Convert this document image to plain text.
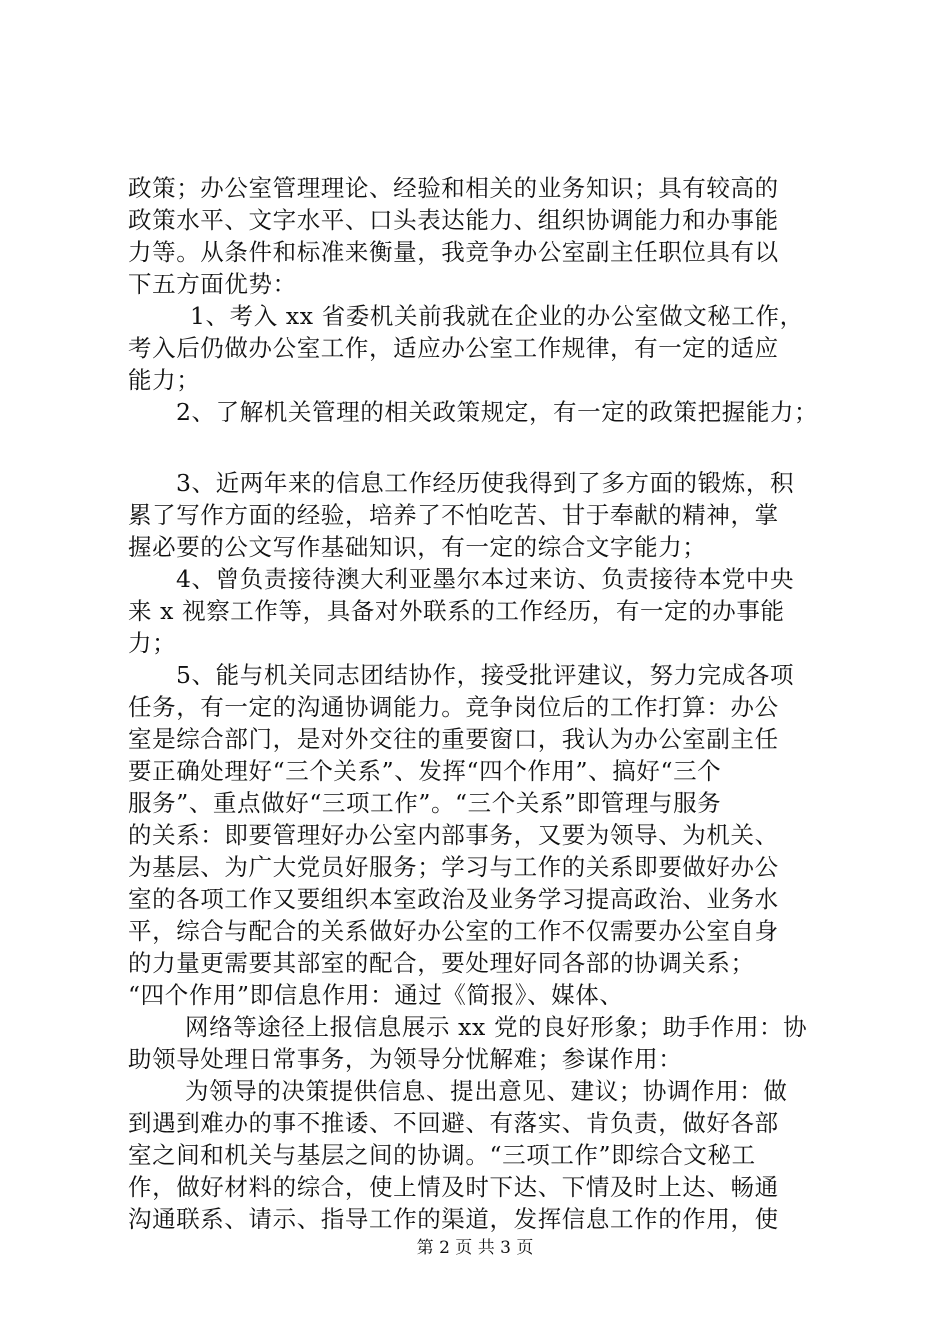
政策；办公室管理理论、经验和相关的业务知识；具有较高的
政策水平、文字水平、口头表达能力、组织协调能力和办事能
力等。从条件和标准来衡量，我竞争办公室副主任职位具有以
下五方面优势：
1、考入 xx 省委机关前我就在企业的办公室做文秘工作，
考入后仍做办公室工作，适应办公室工作规律，有一定的适应
能力；
2、了解机关管理的相关政策规定，有一定的政策把握能力；
3、近两年来的信息工作经历使我得到了多方面的锻炼，积
累了写作方面的经验，培养了不怕吃苦、甘于奉献的精神，掌
握必要的公文写作基础知识，有一定的综合文字能力；
4、曾负责接待澳大利亚墨尔本过来访、负责接待本党中央
来 x 视察工作等，具备对外联系的工作经历，有一定的办事能
力；
5、能与机关同志团结协作，接受批评建议，努力完成各项
任务，有一定的沟通协调能力。竞争岗位后的工作打算：办公
室是综合部门，是对外交往的重要窗口，我认为办公室副主任
要正确处理好“三个关系”、发挥“四个作用”、搞好“三个
服务”、重点做好“三项工作”。“三个关系”即管理与服务
的关系：即要管理好办公室内部事务，又要为领导、为机关、
为基层、为广大党员好服务；学习与工作的关系即要做好办公
室的各项工作又要组织本室政治及业务学习提高政治、业务水
平，综合与配合的关系做好办公室的工作不仅需要办公室自身
的力量更需要其部室的配合，要处理好同各部的协调关系；
“四个作用”即信息作用：通过《简报》、媒体、
网络等途径上报信息展示 xx 党的良好形象；助手作用：协
助领导处理日常事务，为领导分忧解难；参谋作用：
为领导的决策提供信息、提出意见、建议；协调作用：做
到遇到难办的事不推诿、不回避、有落实、肯负责，做好各部
室之间和机关与基层之间的协调。“三项工作”即综合文秘工
作，做好材料的综合，使上情及时下达、下情及时上达、畅通
沟通联系、请示、指导工作的渠道，发挥信息工作的作用，使
第 2 页 共 3 页
